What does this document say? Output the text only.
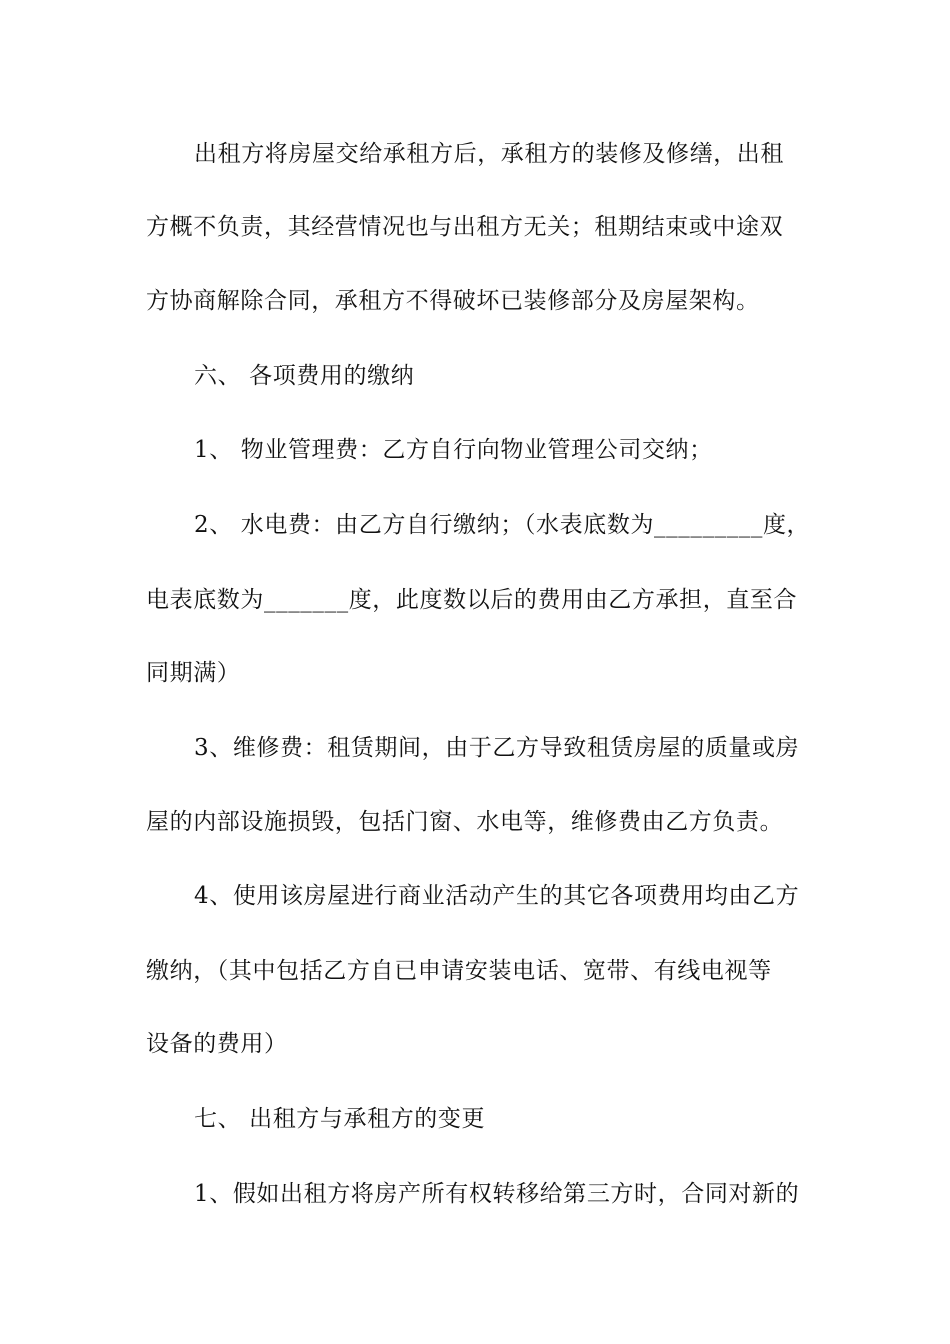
出租方将房屋交给承租方后，承租方的装修及修缮，出租
方概不负责，其经营情况也与出租方无关；租期结束或中途双
方协商解除合同，承租方不得破坏已装修部分及房屋架构。
六、 各项费用的缴纳
1、 物业管理费：乙方自行向物业管理公司交纳；
2、 水电费：由乙方自行缴纳；（水表底数为_________度，
电表底数为_______度，此度数以后的费用由乙方承担，直至合
同期满）
3、维修费：租赁期间，由于乙方导致租赁房屋的质量或房
屋的内部设施损毁，包括门窗、水电等，维修费由乙方负责。
4、使用该房屋进行商业活动产生的其它各项费用均由乙方
缴纳，（其中包括乙方自已申请安装电话、宽带、有线电视等
设备的费用）
七、 出租方与承租方的变更
1、假如出租方将房产所有权转移给第三方时，合同对新的
